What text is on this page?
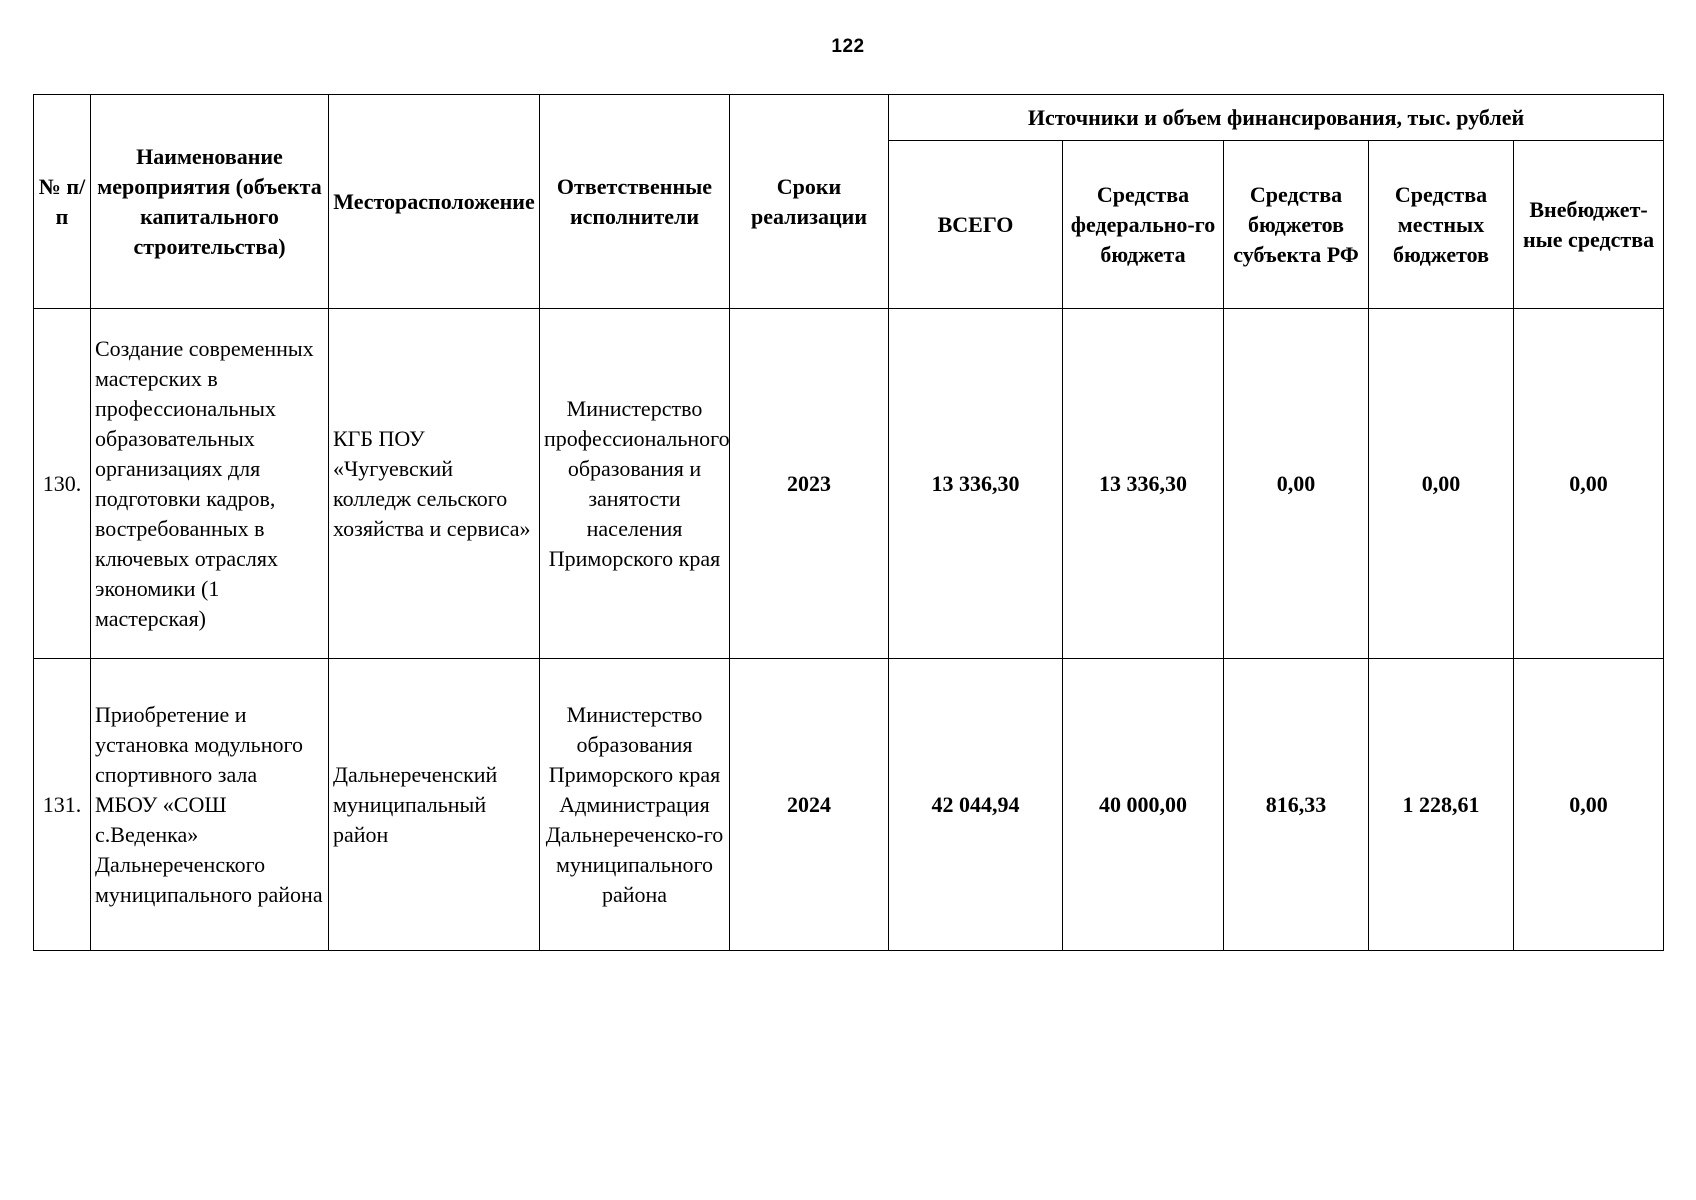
122
№ п/п	Наименование мероприятия (объекта капитального строительства)	Месторасположение	Ответственные исполнители	Сроки реализации	Источники и объем финансирования, тыс. рублей				
					ВСЕГО	Средства федерально-го бюджета	Средства бюджетов субъекта РФ	Средства местных бюджетов	Внебюджет-ные средства
130.	Создание современных мастерских в профессиональных образовательных организациях для подготовки кадров, востребованных в ключевых отраслях экономики (1 мастерская)	КГБ ПОУ «Чугуевский колледж сельского хозяйства и сервиса»	Министерство профессионального образования и занятости населения Приморского края	2023	13 336,30	13 336,30	0,00	0,00	0,00
131.	Приобретение и установка модульного спортивного зала МБОУ «СОШ с.Веденка» Дальнереченского муниципального района	Дальнереченский муниципальный район	Министерство образования Приморского края Администрация Дальнереченско-го муниципального района	2024	42 044,94	40 000,00	816,33	1 228,61	0,00
